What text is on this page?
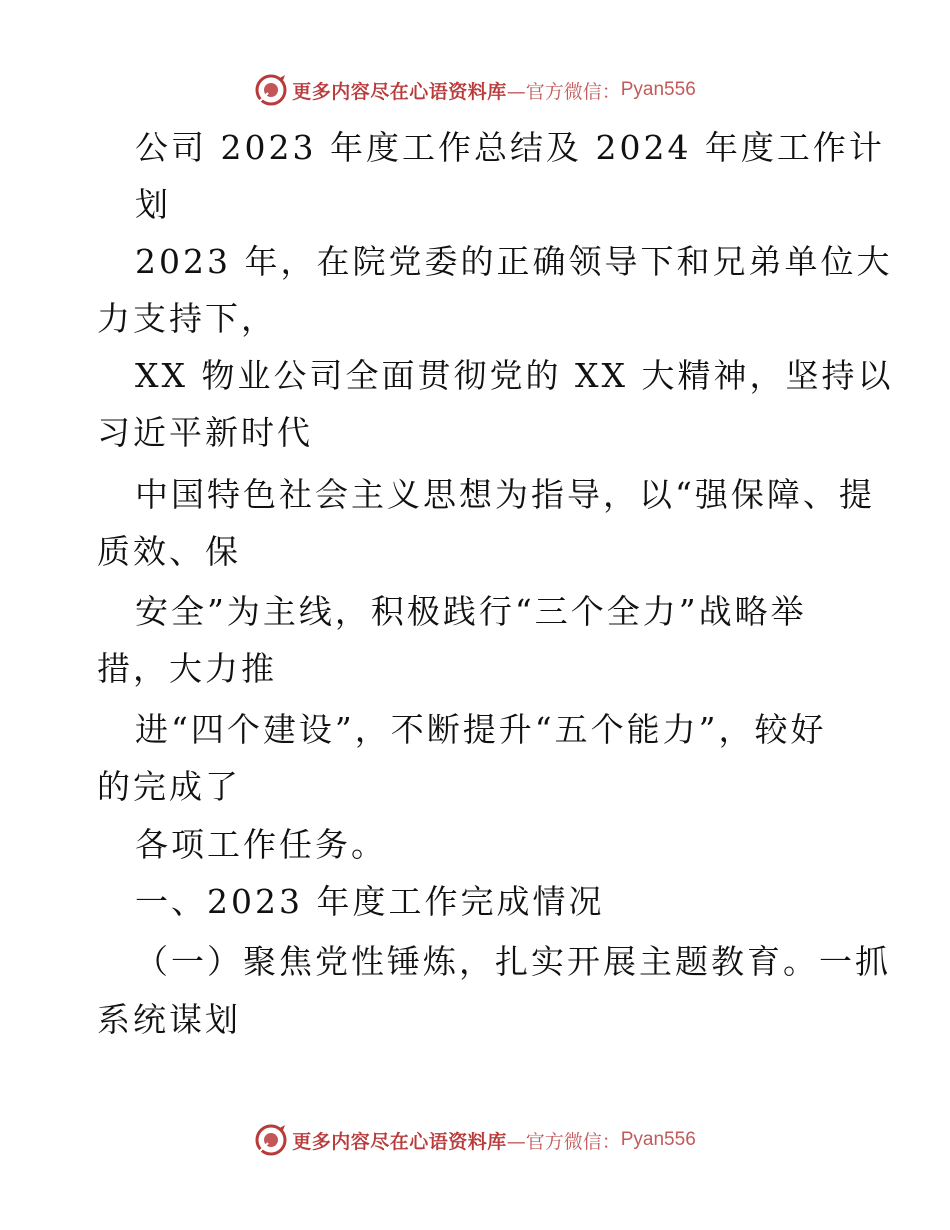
更多内容尽在心语资料库 —官方微信： Pyan556
公司 2023 年度工作总结及 2024 年度工作计
划
2023 年，在院党委的正确领导下和兄弟单位大
力支持下，
XX 物业公司全面贯彻党的 XX 大精神，坚持以
习近平新时代
中国特色社会主义思想为指导，以“强保障、提
质效、保
安全”为主线，积极践行“三个全力”战略举
措，大力推
进“四个建设”，不断提升“五个能力”，较好
的完成了
各项工作任务。
一、2023 年度工作完成情况
（一）聚焦党性锤炼，扎实开展主题教育。一抓
系统谋划
更多内容尽在心语资料库 —官方微信： Pyan556
